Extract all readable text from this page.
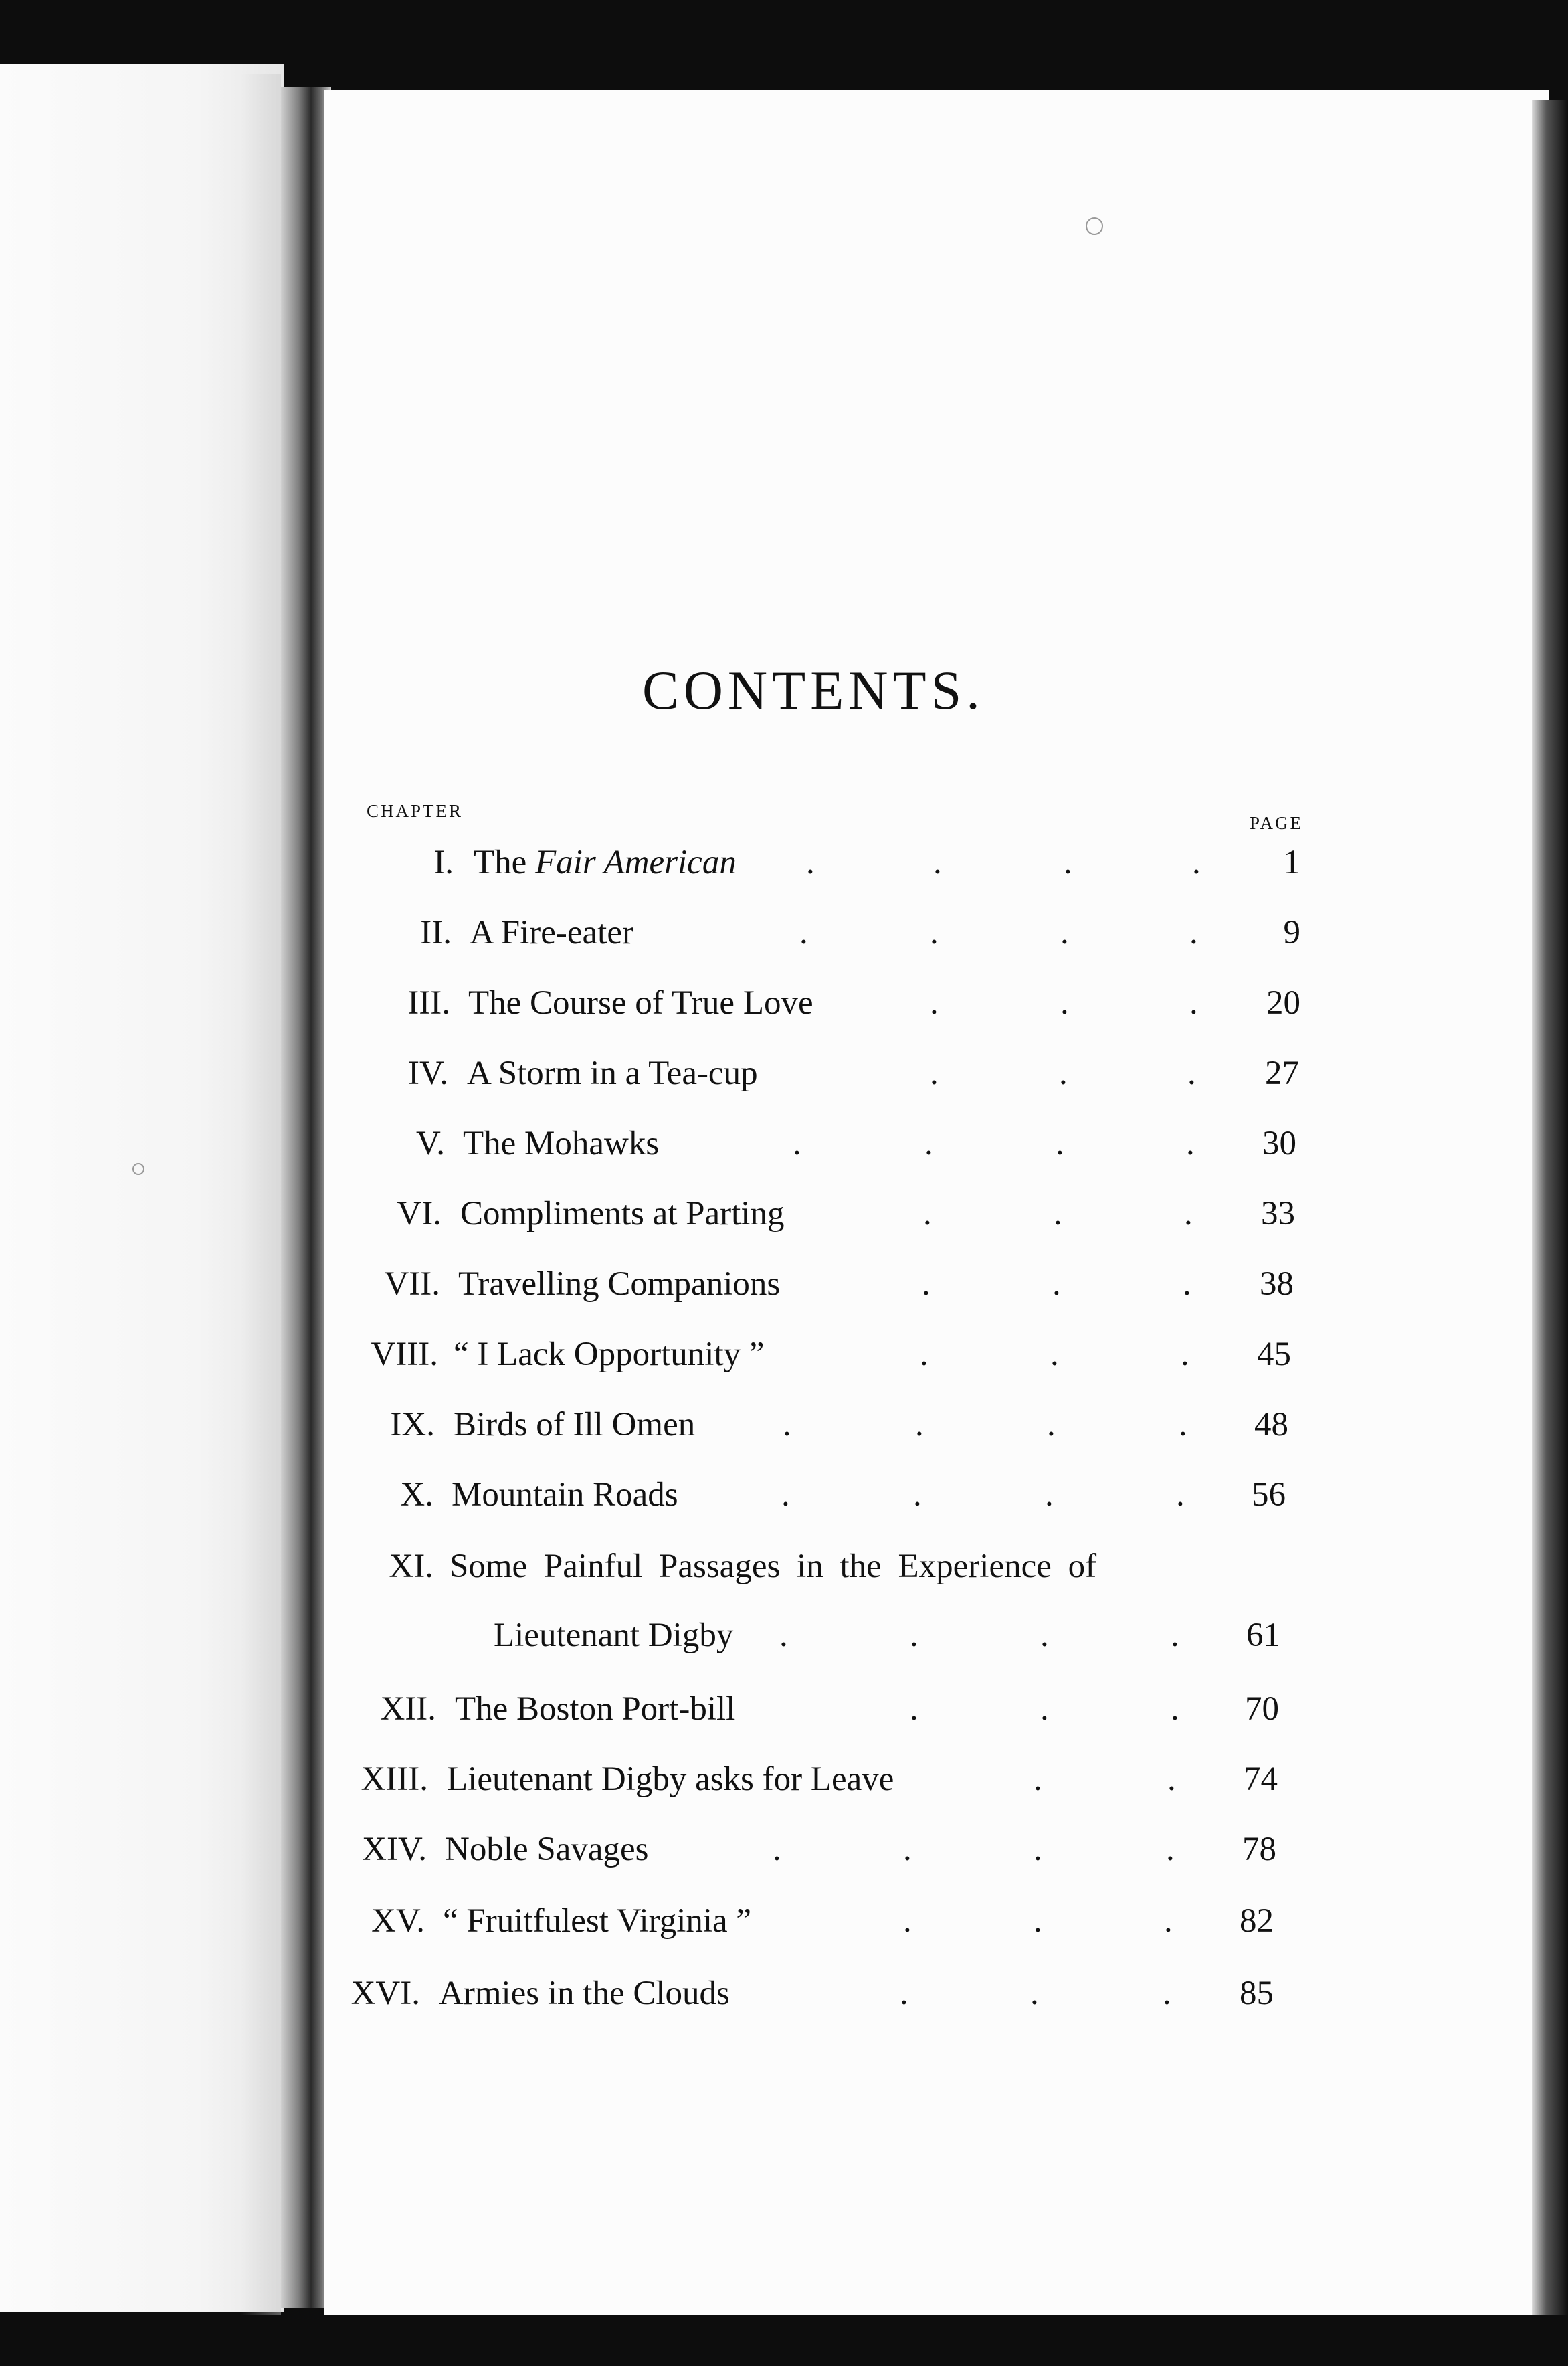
CONTENTS.
CHAPTER
PAGE
I. The Fair American .	.	.	.	1
II. A Fire-eater	.	.	.	.	9
III. The Course of True Love	.	.	.	20
IV. A Storm in a Tea-cup	.	.	.	27
V. The Mohawks	.	.	.	.	30
VI. Compliments at Parting	.	.	.	33
VII. Travelling Companions	.	.	.	38
VIII. “ I Lack Opportunity ”	.	.	.	45
IX. Birds of Ill Omen	.	.	.	.	48
X. Mountain Roads	.	.	.	.	56
XI. Some Painful Passages in the Experience of
Lieutenant Digby .	.	.	.	61
XII. The Boston Port-bill	.	.	.	70
XIII. Lieutenant Digby asks for Leave	.	.	74
XIV. Noble Savages	.	.	.	.	78
XV. “ Fruitfulest Virginia ”	.	.	.	82
XVI. Armies in the Clouds	.	.	.	85
